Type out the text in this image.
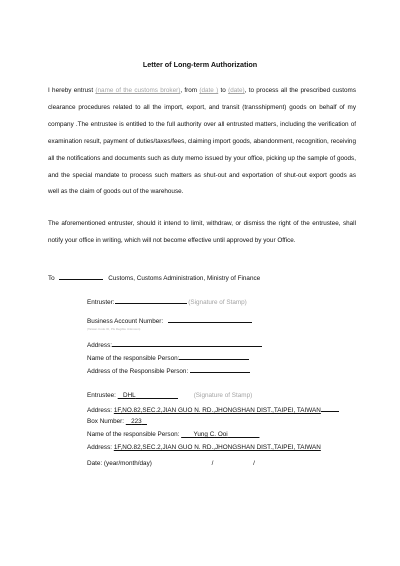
Letter of Long-term Authorization
I hereby entrust (name of the customs broker), from (date ) to (date), to process all the prescribed customs clearance procedures related to all the import, export, and transit (transshipment) goods on behalf of my company .The entrustee is entitled to the full authority over all entrusted matters, including the verification of examination result, payment of duties/taxes/fees, claiming import goods, abandonment, recognition, receiving all the notifications and documents such as duty memo issued by your office, picking up the sample of goods, and the special mandate to process such matters as shut-out and exportation of shut-out export goods as well as the claim of goods out of the warehouse.
The aforementioned entruster, should it intend to limit, withdraw, or dismiss the right of the entrustee, shall notify your office in writing, which will not become effective until approved by your Office.
To	Customs, Customs Administration, Ministry of Finance
Entruster:	(Signature of Stamp)
Business Account Number:
(Taiwan Code ID, Pls Illegible Unknown)
Address:
Name of the responsible Person:
Address of the Responsible Person:
Entrustee: DHL	(Signature of Stamp)
Address: 1F,NO.82,SEC.2,JIAN GUO N. RD.,JHONGSHAN DIST.,TAIPEI, TAIWAN
Box Number: 223
Name of the responsible Person: Yung C. Ooi
Address: 1F,NO.82,SEC.2,JIAN GUO N. RD.,JHONGSHAN DIST.,TAIPEI, TAIWAN
Date: (year/month/day)	/	/
